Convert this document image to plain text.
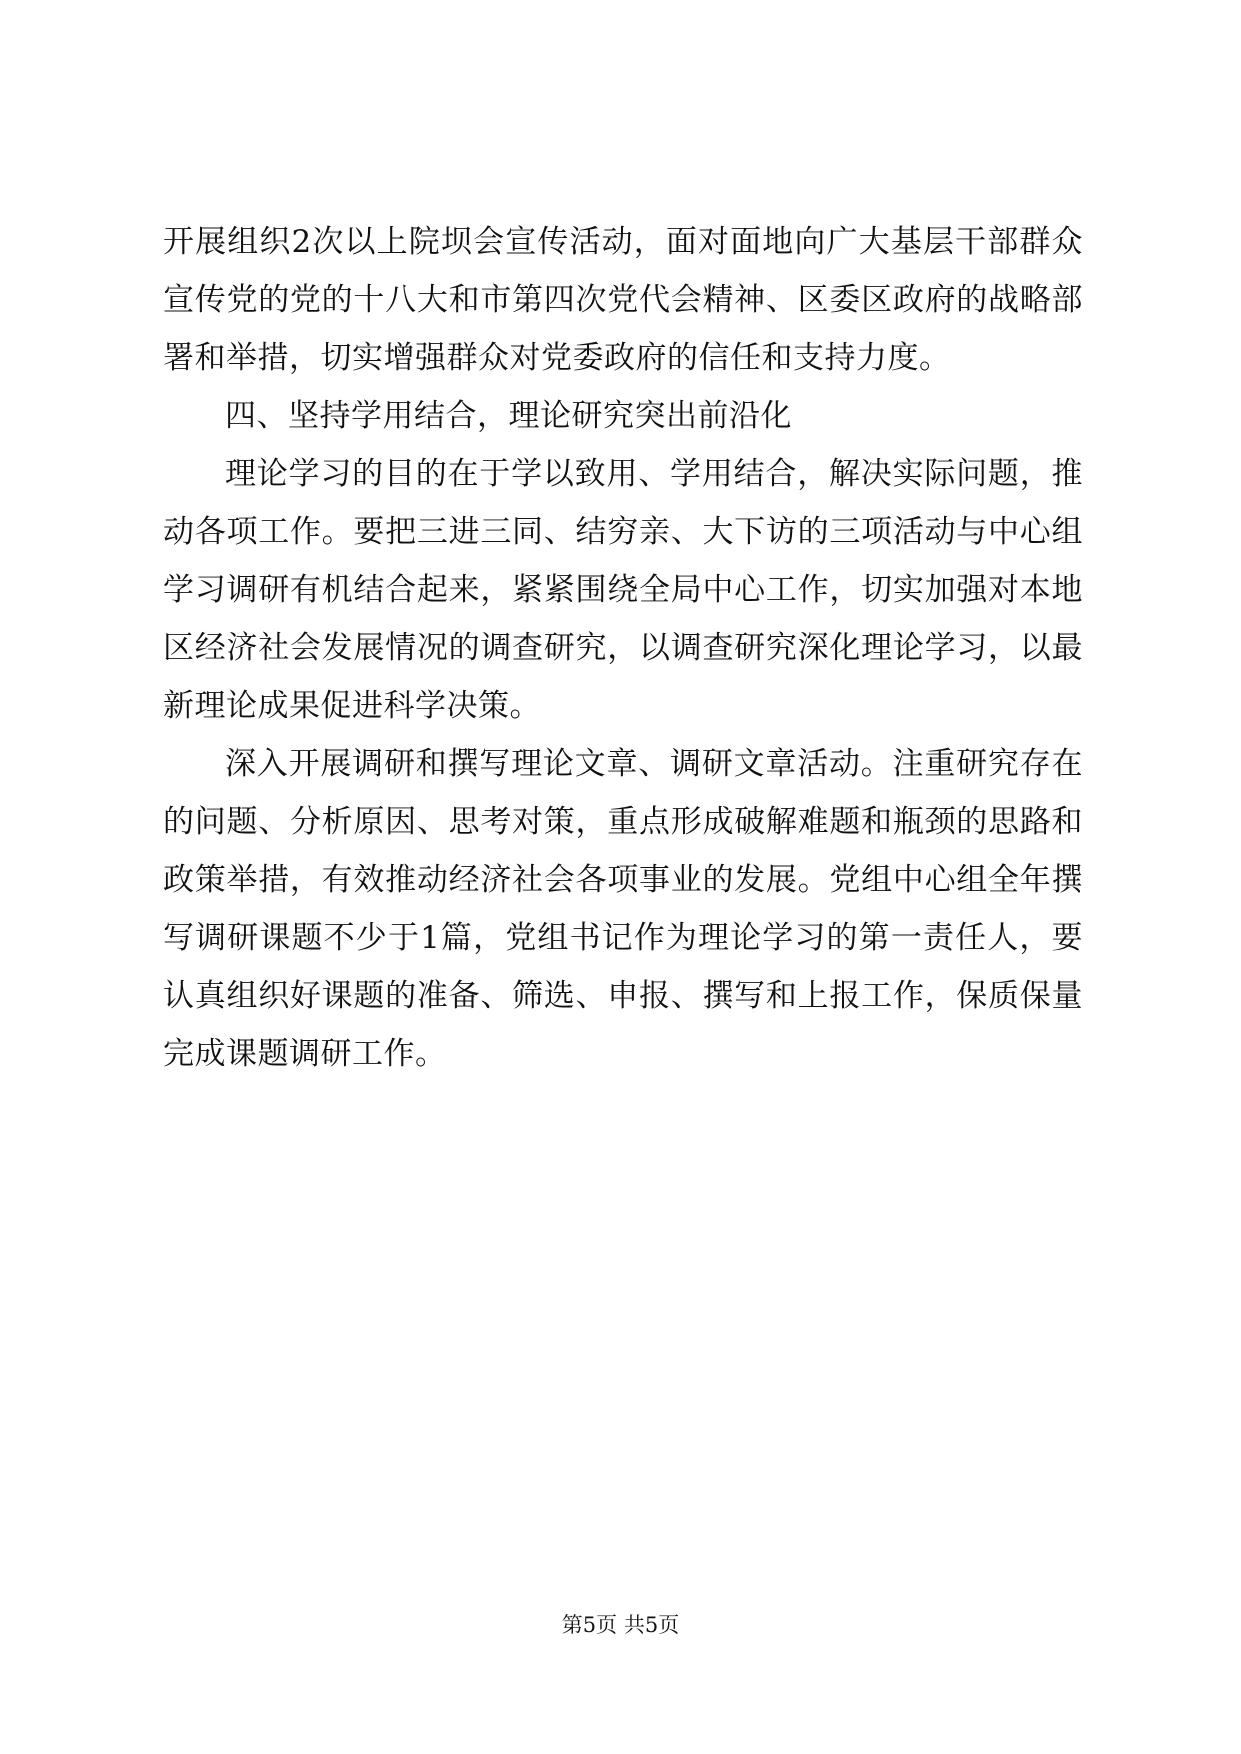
开展组织2次以上院坝会宣传活动，面对面地向广大基层干部群众宣传党的党的十八大和市第四次党代会精神、区委区政府的战略部署和举措，切实增强群众对党委政府的信任和支持力度。

四、坚持学用结合，理论研究突出前沿化

理论学习的目的在于学以致用、学用结合，解决实际问题，推动各项工作。要把三进三同、结穷亲、大下访的三项活动与中心组学习调研有机结合起来，紧紧围绕全局中心工作，切实加强对本地区经济社会发展情况的调查研究，以调查研究深化理论学习，以最新理论成果促进科学决策。

深入开展调研和撰写理论文章、调研文章活动。注重研究存在的问题、分析原因、思考对策，重点形成破解难题和瓶颈的思路和政策举措，有效推动经济社会各项事业的发展。党组中心组全年撰写调研课题不少于1篇，党组书记作为理论学习的第一责任人，要认真组织好课题的准备、筛选、申报、撰写和上报工作，保质保量完成课题调研工作。

第5页 共5页
